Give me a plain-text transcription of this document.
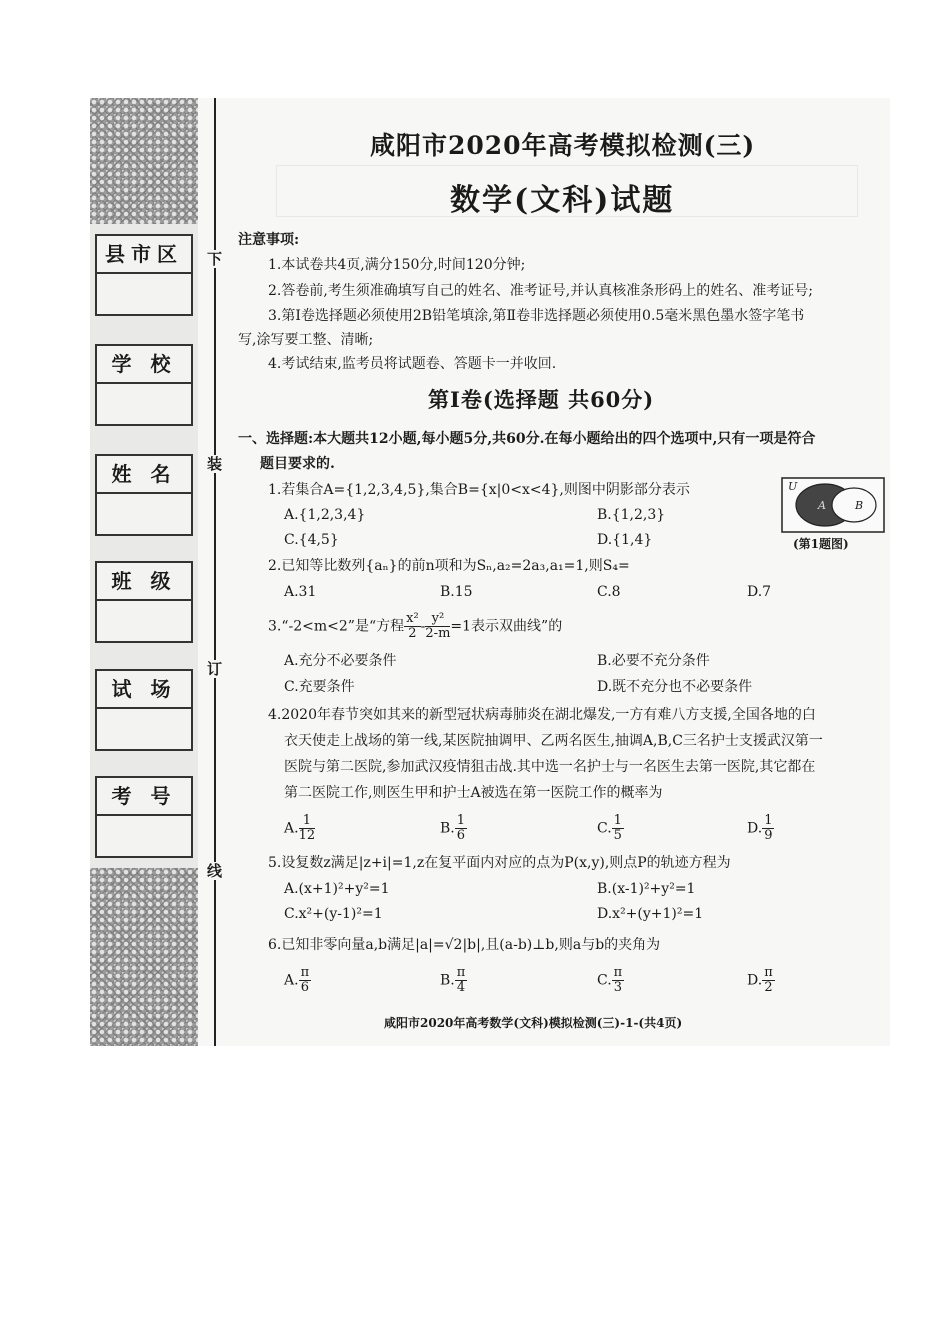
县市区
学 校
姓 名
班 级
试 场
考 号
下
装
订
线
咸阳市2020年高考模拟检测(三)
数学(文科)试题
注意事项:
1.本试卷共4页,满分150分,时间120分钟;
2.答卷前,考生须准确填写自己的姓名、准考证号,并认真核准条形码上的姓名、准考证号;
3.第Ⅰ卷选择题必须使用2B铅笔填涂,第Ⅱ卷非选择题必须使用0.5毫米黑色墨水签字笔书
写,涂写要工整、清晰;
4.考试结束,监考员将试题卷、答题卡一并收回.
第Ⅰ卷(选择题 共60分)
一、选择题:本大题共12小题,每小题5分,共60分.在每小题给出的四个选项中,只有一项是符合
题目要求的.
1.若集合A={1,2,3,4,5},集合B={x|0<x<4},则图中阴影部分表示
A.{1,2,3,4}	B.{1,2,3}
C.{4,5}	D.{1,4}
U
A	B
(第1题图)
2.已知等比数列{aₙ}的前n项和为Sₙ,a₂=2a₃,a₁=1,则S₄=
A.31	B.15	C.8	D.7
3.“-2<m<2”是“方程 $\frac{\text{x²}}{2} - \frac{\text{y²}}{2-m} =1$表示双曲线”的
A.充分不必要条件	B.必要不充分条件
C.充要条件	D.既不充分也不必要条件
4.2020年春节突如其来的新型冠状病毒肺炎在湖北爆发,一方有难八方支援,全国各地的白
衣天使走上战场的第一线,某医院抽调甲、乙两名医生,抽调A,B,C三名护士支援武汉第一
医院与第二医院,参加武汉疫情狙击战.其中选一名护士与一名医生去第一医院,其它都在
第二医院工作,则医生甲和护士A被选在第一医院工作的概率为
A. $\frac{1}{12}$	B. $\frac{1}{6}$	C. $\frac{1}{5}$	D. $\frac{1}{9}$
5.设复数z满足|z+i|=1,z在复平面内对应的点为P(x,y),则点P的轨迹方程为
A.(x+1)²+y²=1	B.(x-1)²+y²=1
C.x²+(y-1)²=1	D.x²+(y+1)²=1
6.已知非零向量a,b满足|a|=√2|b|,且(a-b)⊥b,则a与b的夹角为
A. $\frac{\pi}{6}$	B. $\frac{\pi}{4}$	C. $\frac{\pi}{3}$	D. $\frac{\pi}{2}$
咸阳市2020年高考数学(文科)模拟检测(三)-1-(共4页)
